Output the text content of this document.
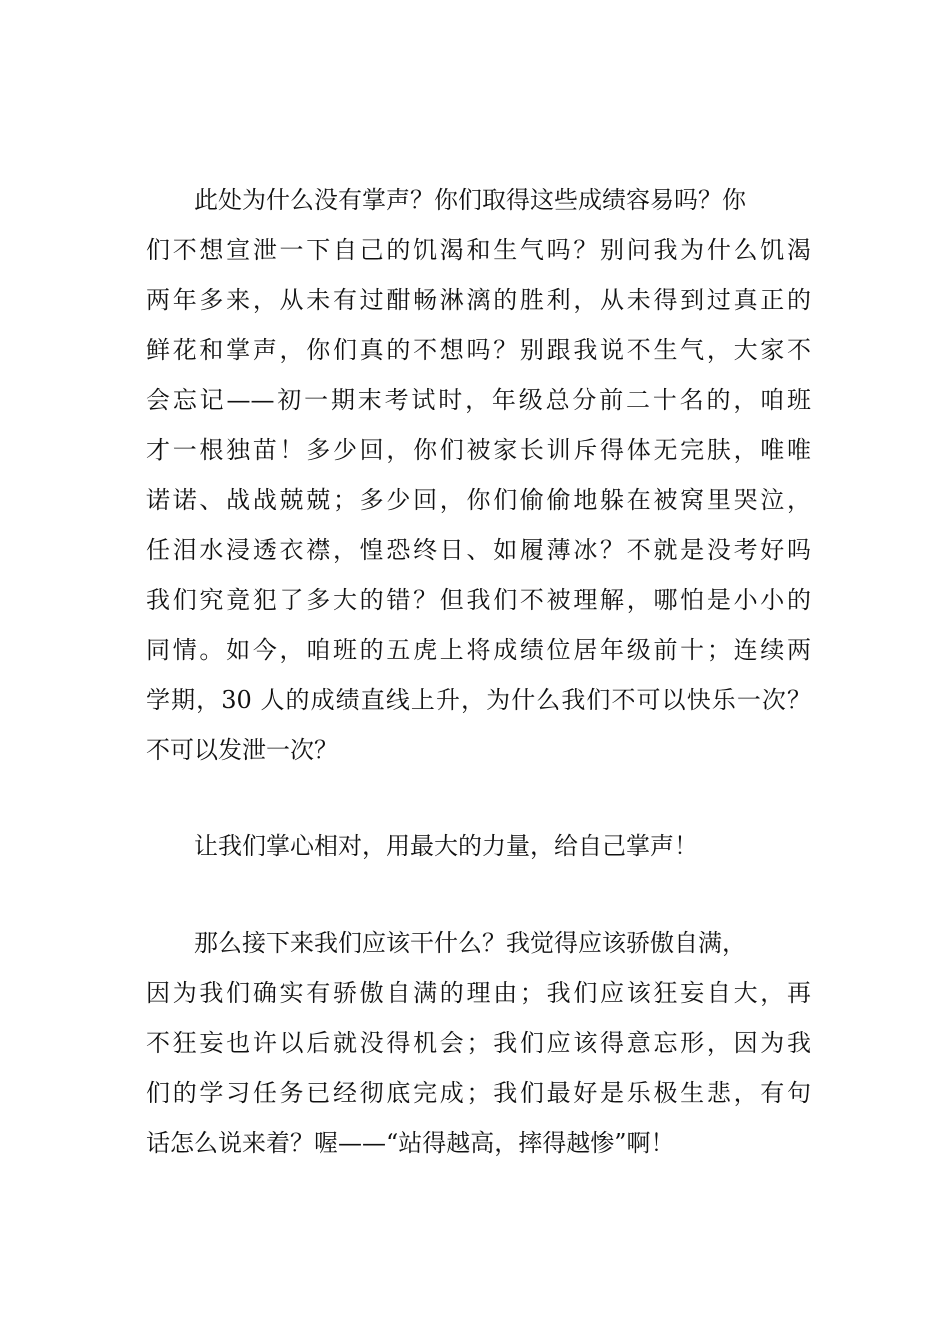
此处为什么没有掌声？你们取得这些成绩容易吗？你
们不想宣泄一下自己的饥渴和生气吗？别问我为什么饥渴
两年多来，从未有过酣畅淋漓的胜利，从未得到过真正的
鲜花和掌声，你们真的不想吗？别跟我说不生气，大家不
会忘记——初一期末考试时，年级总分前二十名的，咱班
才一根独苗！多少回，你们被家长训斥得体无完肤，唯唯
诺诺、战战兢兢；多少回，你们偷偷地躲在被窝里哭泣，
任泪水浸透衣襟，惶恐终日、如履薄冰？不就是没考好吗
我们究竟犯了多大的错？但我们不被理解，哪怕是小小的
同情。如今，咱班的五虎上将成绩位居年级前十；连续两
学期，30 人的成绩直线上升，为什么我们不可以快乐一次？
不可以发泄一次？
让我们掌心相对，用最大的力量，给自己掌声！
那么接下来我们应该干什么？我觉得应该骄傲自满，
因为我们确实有骄傲自满的理由；我们应该狂妄自大，再
不狂妄也许以后就没得机会；我们应该得意忘形，因为我
们的学习任务已经彻底完成；我们最好是乐极生悲，有句
话怎么说来着？喔——“站得越高，摔得越惨”啊！
